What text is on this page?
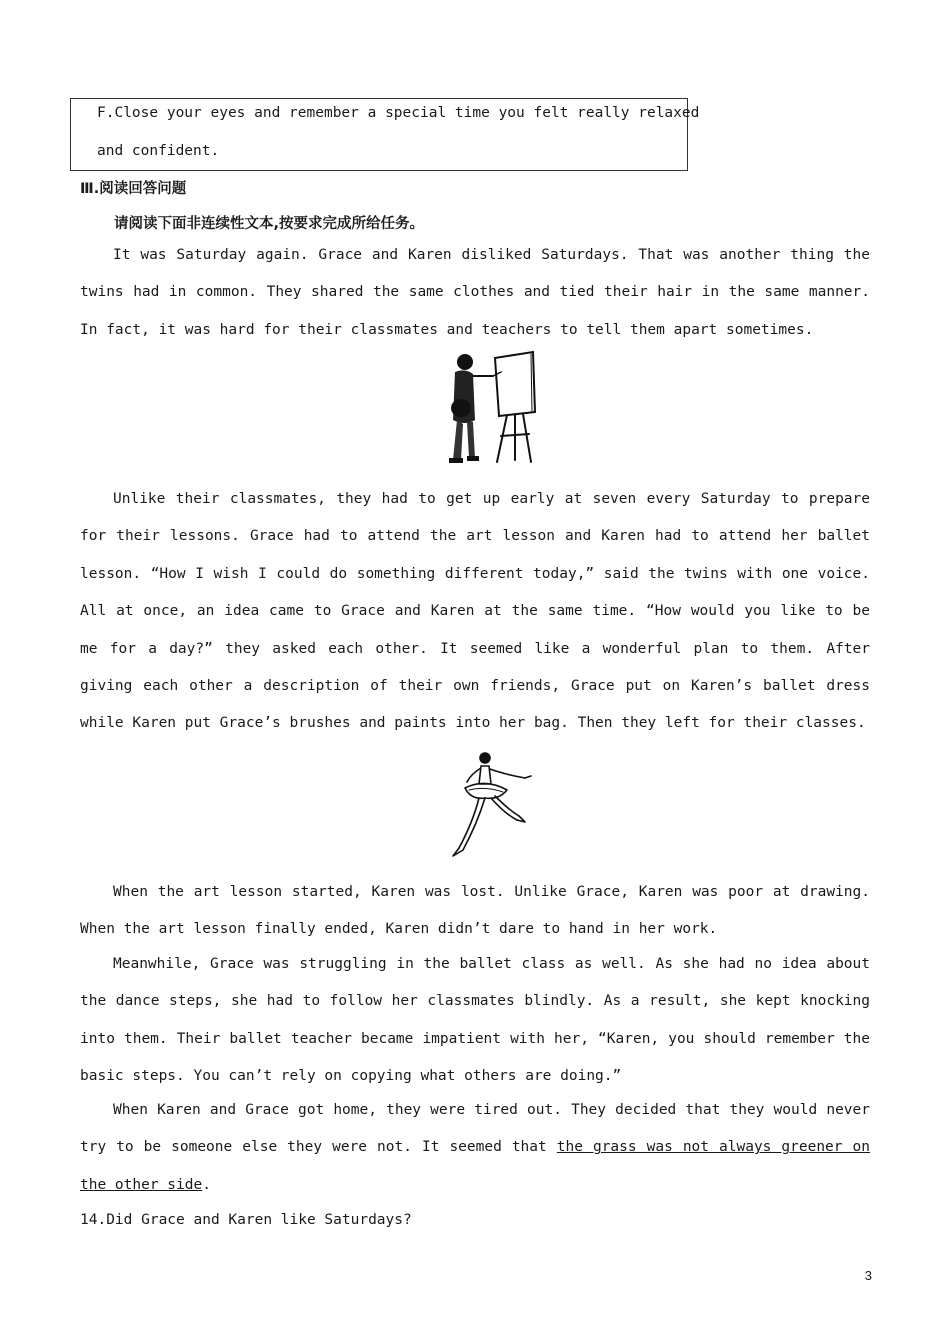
F.Close your eyes and remember a special time you felt really relaxed

and confident.

Ⅲ.阅读回答问题
请阅读下面非连续性文本,按要求完成所给任务。

It was Saturday again. Grace and Karen disliked Saturdays. That was another thing the twins had in common. They shared the same clothes and tied their hair in the same manner. In fact, it was hard for their classmates and teachers to tell them apart sometimes.

Unlike their classmates, they had to get up early at seven every Saturday to prepare for their lessons. Grace had to attend the art lesson and Karen had to attend her ballet lesson. “How I wish I could do something different today,” said the twins with one voice. All at once, an idea came to Grace and Karen at the same time. “How would you like to be me for a day?” they asked each other. It seemed like a wonderful plan to them. After giving each other a description of their own friends, Grace put on Karen’s ballet dress while Karen put Grace’s brushes and paints into her bag. Then they left for their classes.

When the art lesson started, Karen was lost. Unlike Grace, Karen was poor at drawing. When the art lesson finally ended, Karen didn’t dare to hand in her work.

Meanwhile, Grace was struggling in the ballet class as well. As she had no idea about the dance steps, she had to follow her classmates blindly. As a result, she kept knocking into them. Their ballet teacher became impatient with her, “Karen, you should remember the basic steps. You can’t rely on copying what others are doing.”

When Karen and Grace got home, they were tired out. They decided that they would never try to be someone else they were not. It seemed that the grass was not always greener on the other side.

14.Did Grace and Karen like Saturdays?

3
